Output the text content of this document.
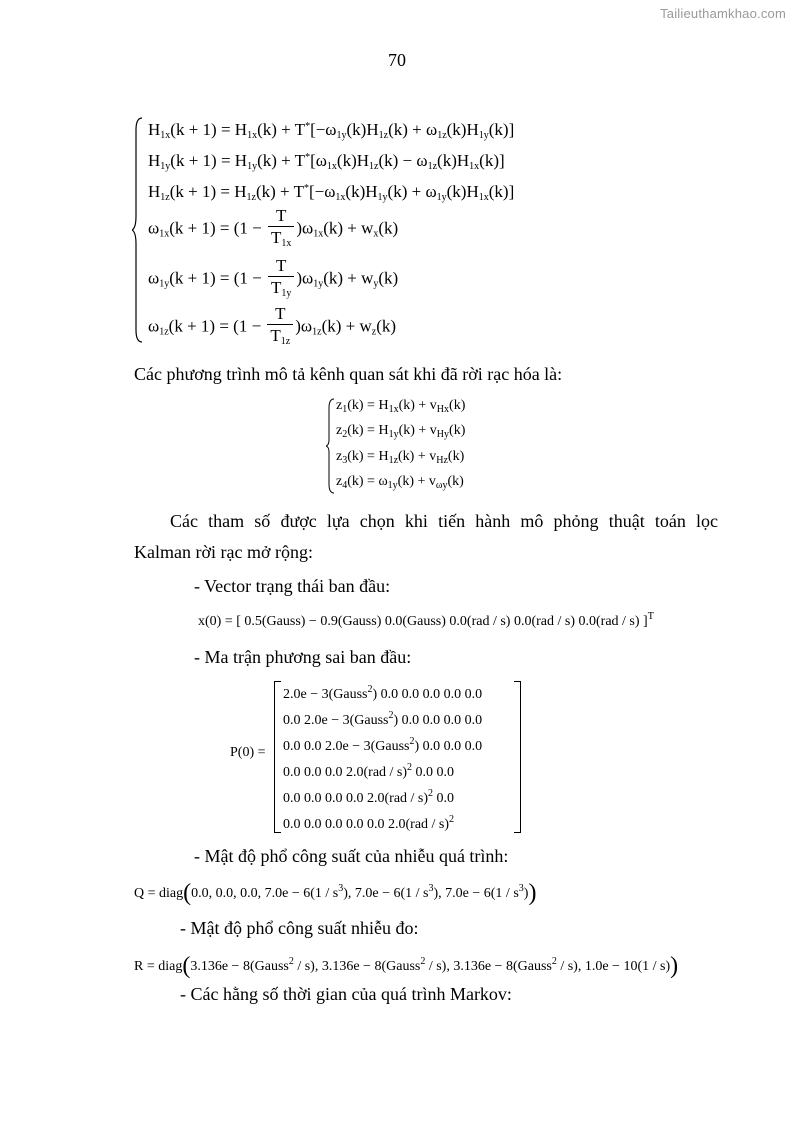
Tailieuthamkhao.com
70
$H_{1x}(k + 1) = H_{1x}(k) + T^*[-\omega_{1y}(k)H_{1z}(k) + \omega_{1z}(k)H_{1y}(k)]$
$H_{1y}(k + 1) = H_{1y}(k) + T^*[\omega_{1x}(k)H_{1z}(k) - \omega_{1z}(k)H_{1x}(k)]$
$H_{1z}(k + 1) = H_{1z}(k) + T^*[-\omega_{1x}(k)H_{1y}(k) + \omega_{1y}(k)H_{1x}(k)]$
$\omega_{1x}(k + 1) = (1 - \frac{T}{T_{1x}} )\omega_{1x}(k) + w_x(k)$
$\omega_{1y}(k + 1) = (1 - \frac{T}{T_{1y}} )\omega_{1y}(k) + w_y(k)$
$\omega_{1z}(k + 1) = (1 - \frac{T}{T_{1z}} )\omega_{1z}(k) + w_z(k)$
Các phương trình mô tả kênh quan sát khi đã rời rạc hóa là:
$z_1(k) = H_{1x}(k) + v_{Hx}(k)$
$z_2(k) = H_{1y}(k) + v_{Hy}(k)$
$z_3(k) = H_{1z}(k) + v_{Hz}(k)$
$z_4(k) = \omega_{1y}(k) + v_{\omega y}(k)$
Các tham số được lựa chọn khi tiến hành mô phỏng thuật toán lọc
Kalman rời rạc mở rộng:
- Vector trạng thái ban đầu:
x(0) = [ 0.5(Gauss) − 0.9(Gauss) 0.0(Gauss) 0.0(rad / s) 0.0(rad / s) 0.0(rad / s) ]$^T$
- Ma trận phương sai ban đầu:
P(0) =
2.0e − 3(Gauss$^2$) 0.0 0.0 0.0 0.0 0.0
0.0 2.0e − 3(Gauss$^2$) 0.0 0.0 0.0 0.0
0.0 0.0 2.0e − 3(Gauss$^2$) 0.0 0.0 0.0
0.0 0.0 0.0 2.0(rad / s)$^2$ 0.0 0.0
0.0 0.0 0.0 0.0 2.0(rad / s)$^2$ 0.0
0.0 0.0 0.0 0.0 0.0 2.0(rad / s)$^2$
- Mật độ phổ công suất của nhiễu quá trình:
Q = diag(0.0, 0.0, 0.0, $7.0e - 6(1 / s^3)$, $7.0e - 6(1 / s^3)$, $7.0e - 6(1 / s^3)$)
- Mật độ phổ công suất nhiễu đo:
R = diag(3.136e − 8(Gauss$^2$ / s), 3.136e − 8(Gauss$^2$ / s), 3.136e − 8(Gauss$^2$ / s), 1.0e − 10(1 / s))
- Các hằng số thời gian của quá trình Markov:
